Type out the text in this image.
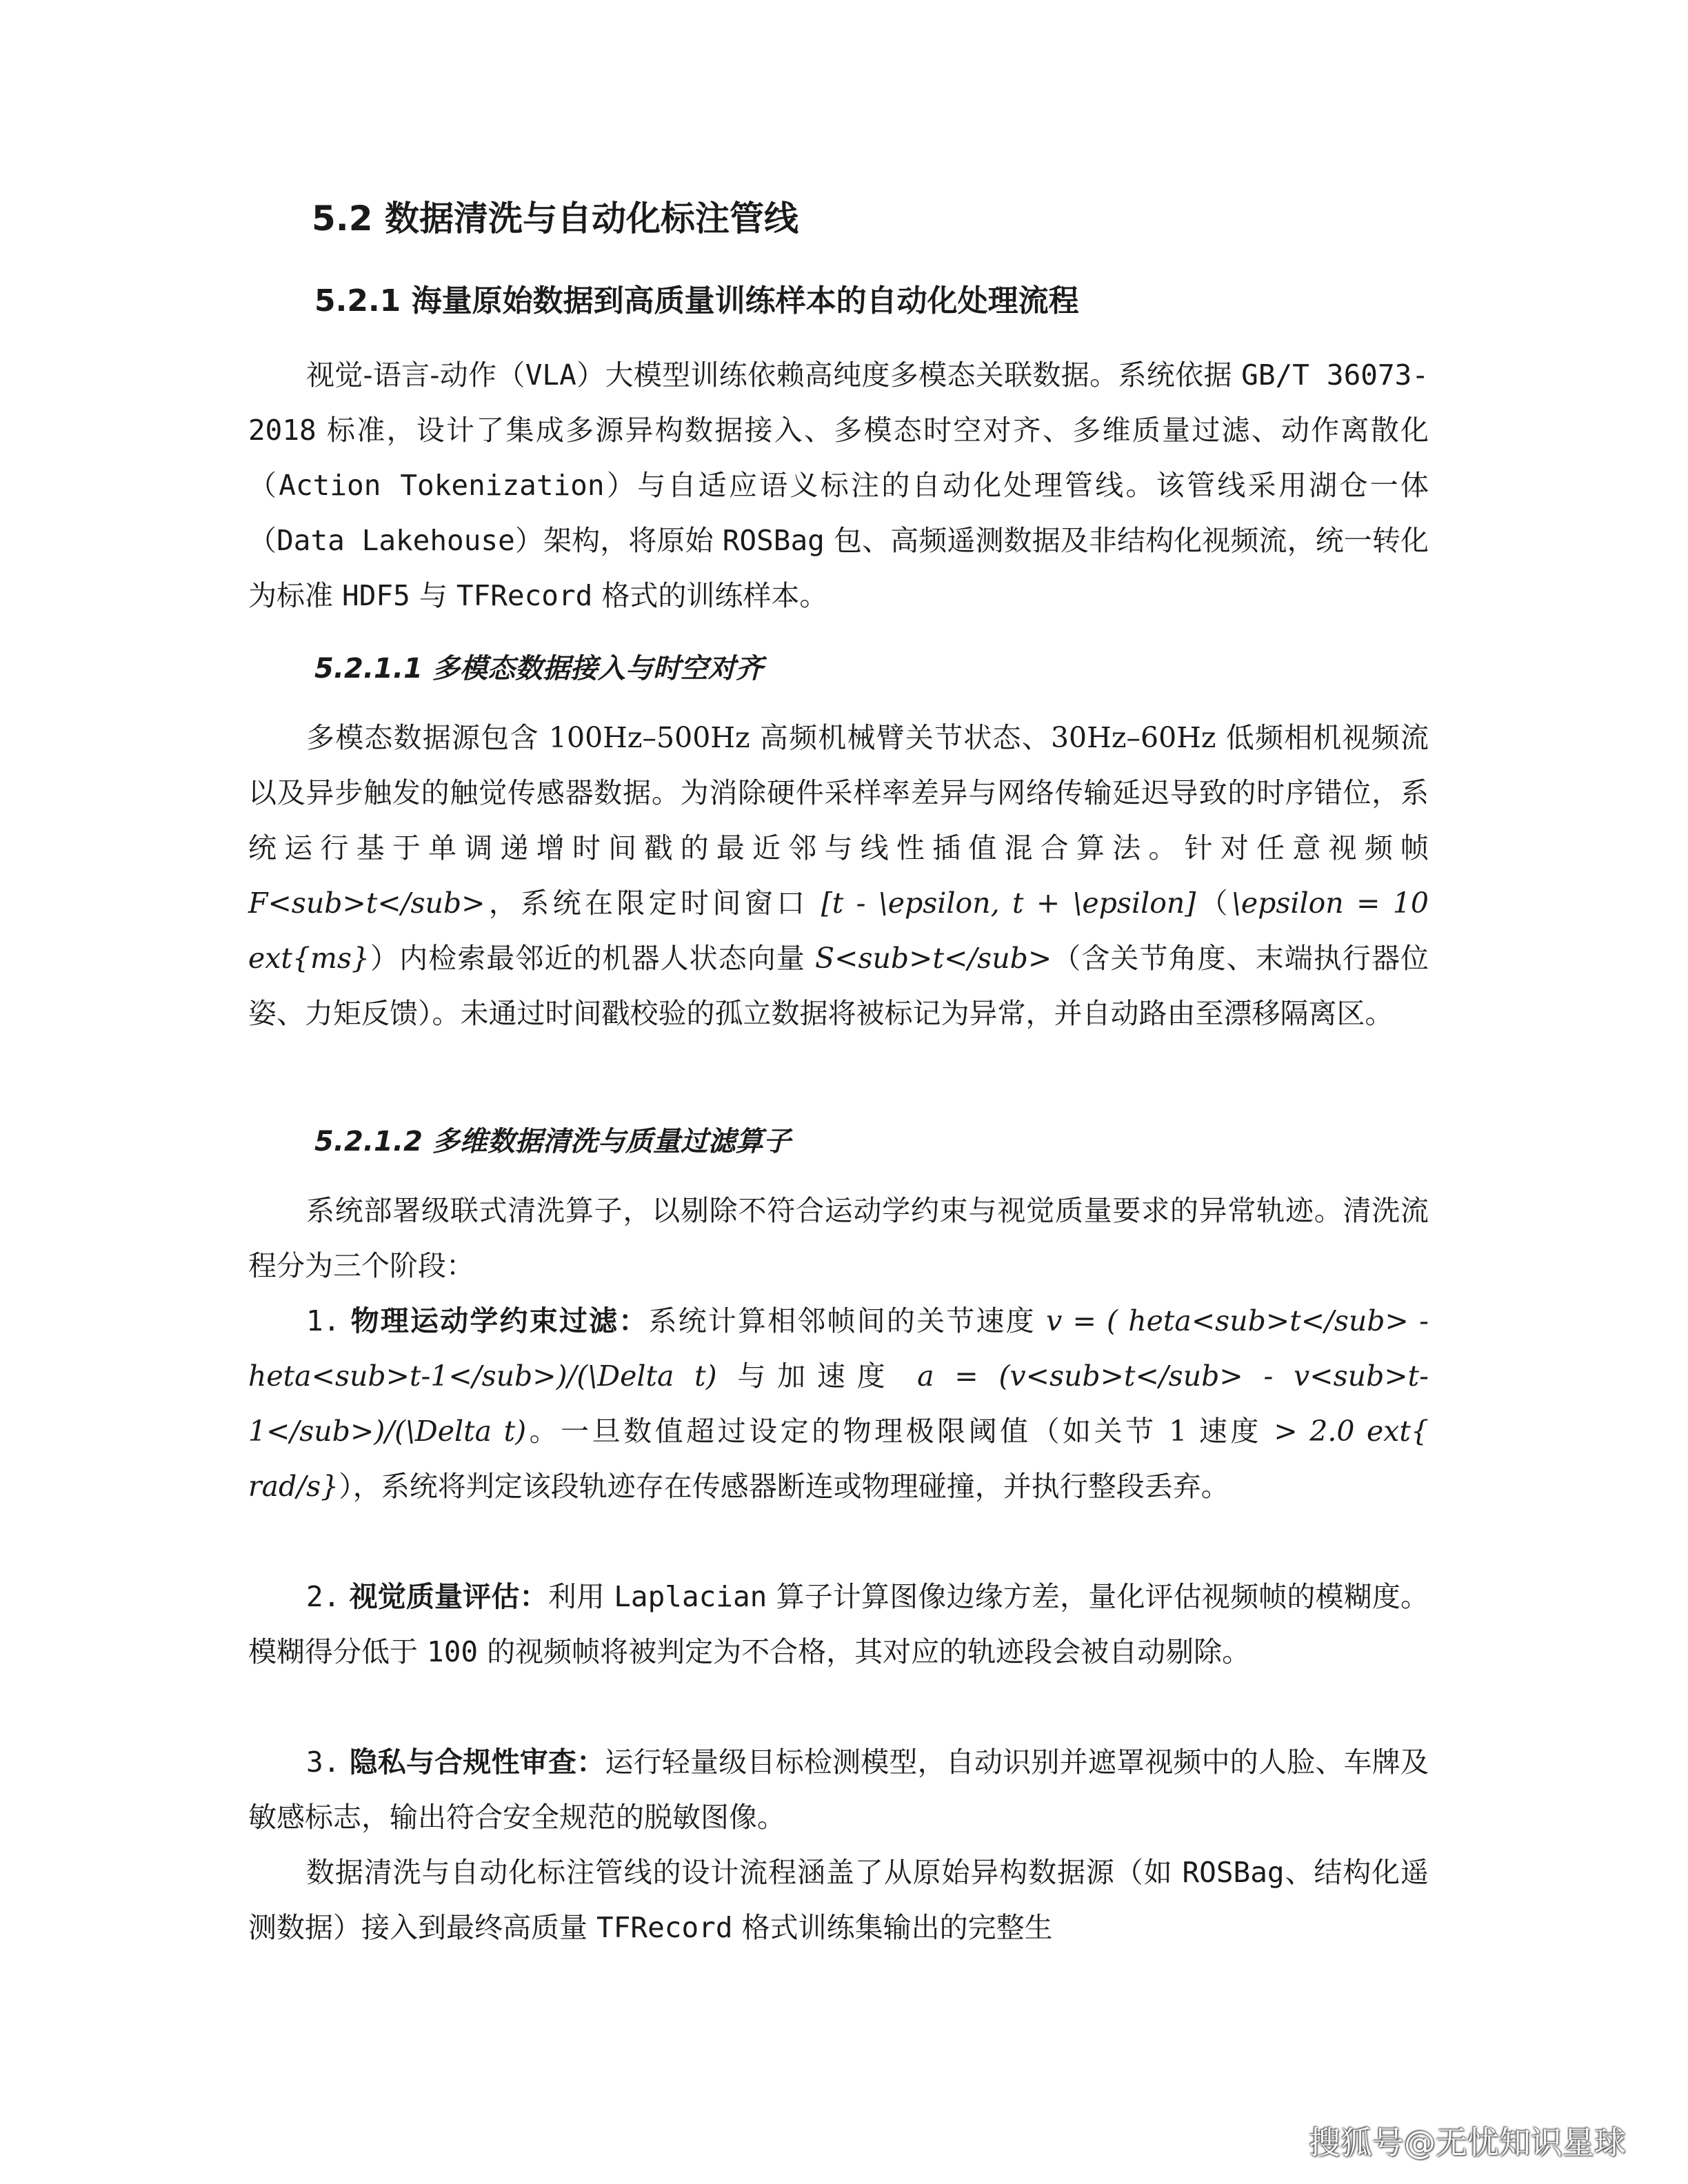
5.2 数据清洗与自动化标注管线
5.2.1 海量原始数据到高质量训练样本的自动化处理流程
视觉-语言-动作（VLA）大模型训练依赖高纯度多模态关联数据。系统依据 GB/T 36073-2018 标准，设计了集成多源异构数据接入、多模态时空对齐、多维质量过滤、动作离散化（Action Tokenization）与自适应语义标注的自动化处理管线。该管线采用湖仓一体（Data Lakehouse）架构，将原始 ROSBag 包、高频遥测数据及非结构化视频流，统一转化为标准 HDF5 与 TFRecord 格式的训练样本。
5.2.1.1 多模态数据接入与时空对齐
多模态数据源包含 100Hz–500Hz 高频机械臂关节状态、30Hz–60Hz 低频相机视频流以及异步触发的触觉传感器数据。为消除硬件采样率差异与网络传输延迟导致的时序错位，系统运行基于单调递增时间戳的最近邻与线性插值混合算法。针对任意视频帧 F<sub>t</sub>，系统在限定时间窗口 [t - \epsilon, t + \epsilon]（\epsilon = 10 ext{ms}）内检索最邻近的机器人状态向量 S<sub>t</sub>（含关节角度、末端执行器位姿、力矩反馈）。未通过时间戳校验的孤立数据将被标记为异常，并自动路由至漂移隔离区。
5.2.1.2 多维数据清洗与质量过滤算子
系统部署级联式清洗算子，以剔除不符合运动学约束与视觉质量要求的异常轨迹。清洗流程分为三个阶段：
1. 物理运动学约束过滤：系统计算相邻帧间的关节速度 v = ( heta<sub>t</sub> - heta<sub>t-1</sub>)/(\Delta t) 与加速度 a = (v<sub>t</sub> - v<sub>t-1</sub>)/(\Delta t)。一旦数值超过设定的物理极限阈值（如关节 1 速度 > 2.0 ext{ rad/s}），系统将判定该段轨迹存在传感器断连或物理碰撞，并执行整段丢弃。
2. 视觉质量评估：利用 Laplacian 算子计算图像边缘方差，量化评估视频帧的模糊度。模糊得分低于 100 的视频帧将被判定为不合格，其对应的轨迹段会被自动剔除。
3. 隐私与合规性审查：运行轻量级目标检测模型，自动识别并遮罩视频中的人脸、车牌及敏感标志，输出符合安全规范的脱敏图像。
数据清洗与自动化标注管线的设计流程涵盖了从原始异构数据源（如 ROSBag、结构化遥测数据）接入到最终高质量 TFRecord 格式训练集输出的完整生
搜狐号@无忧知识星球
